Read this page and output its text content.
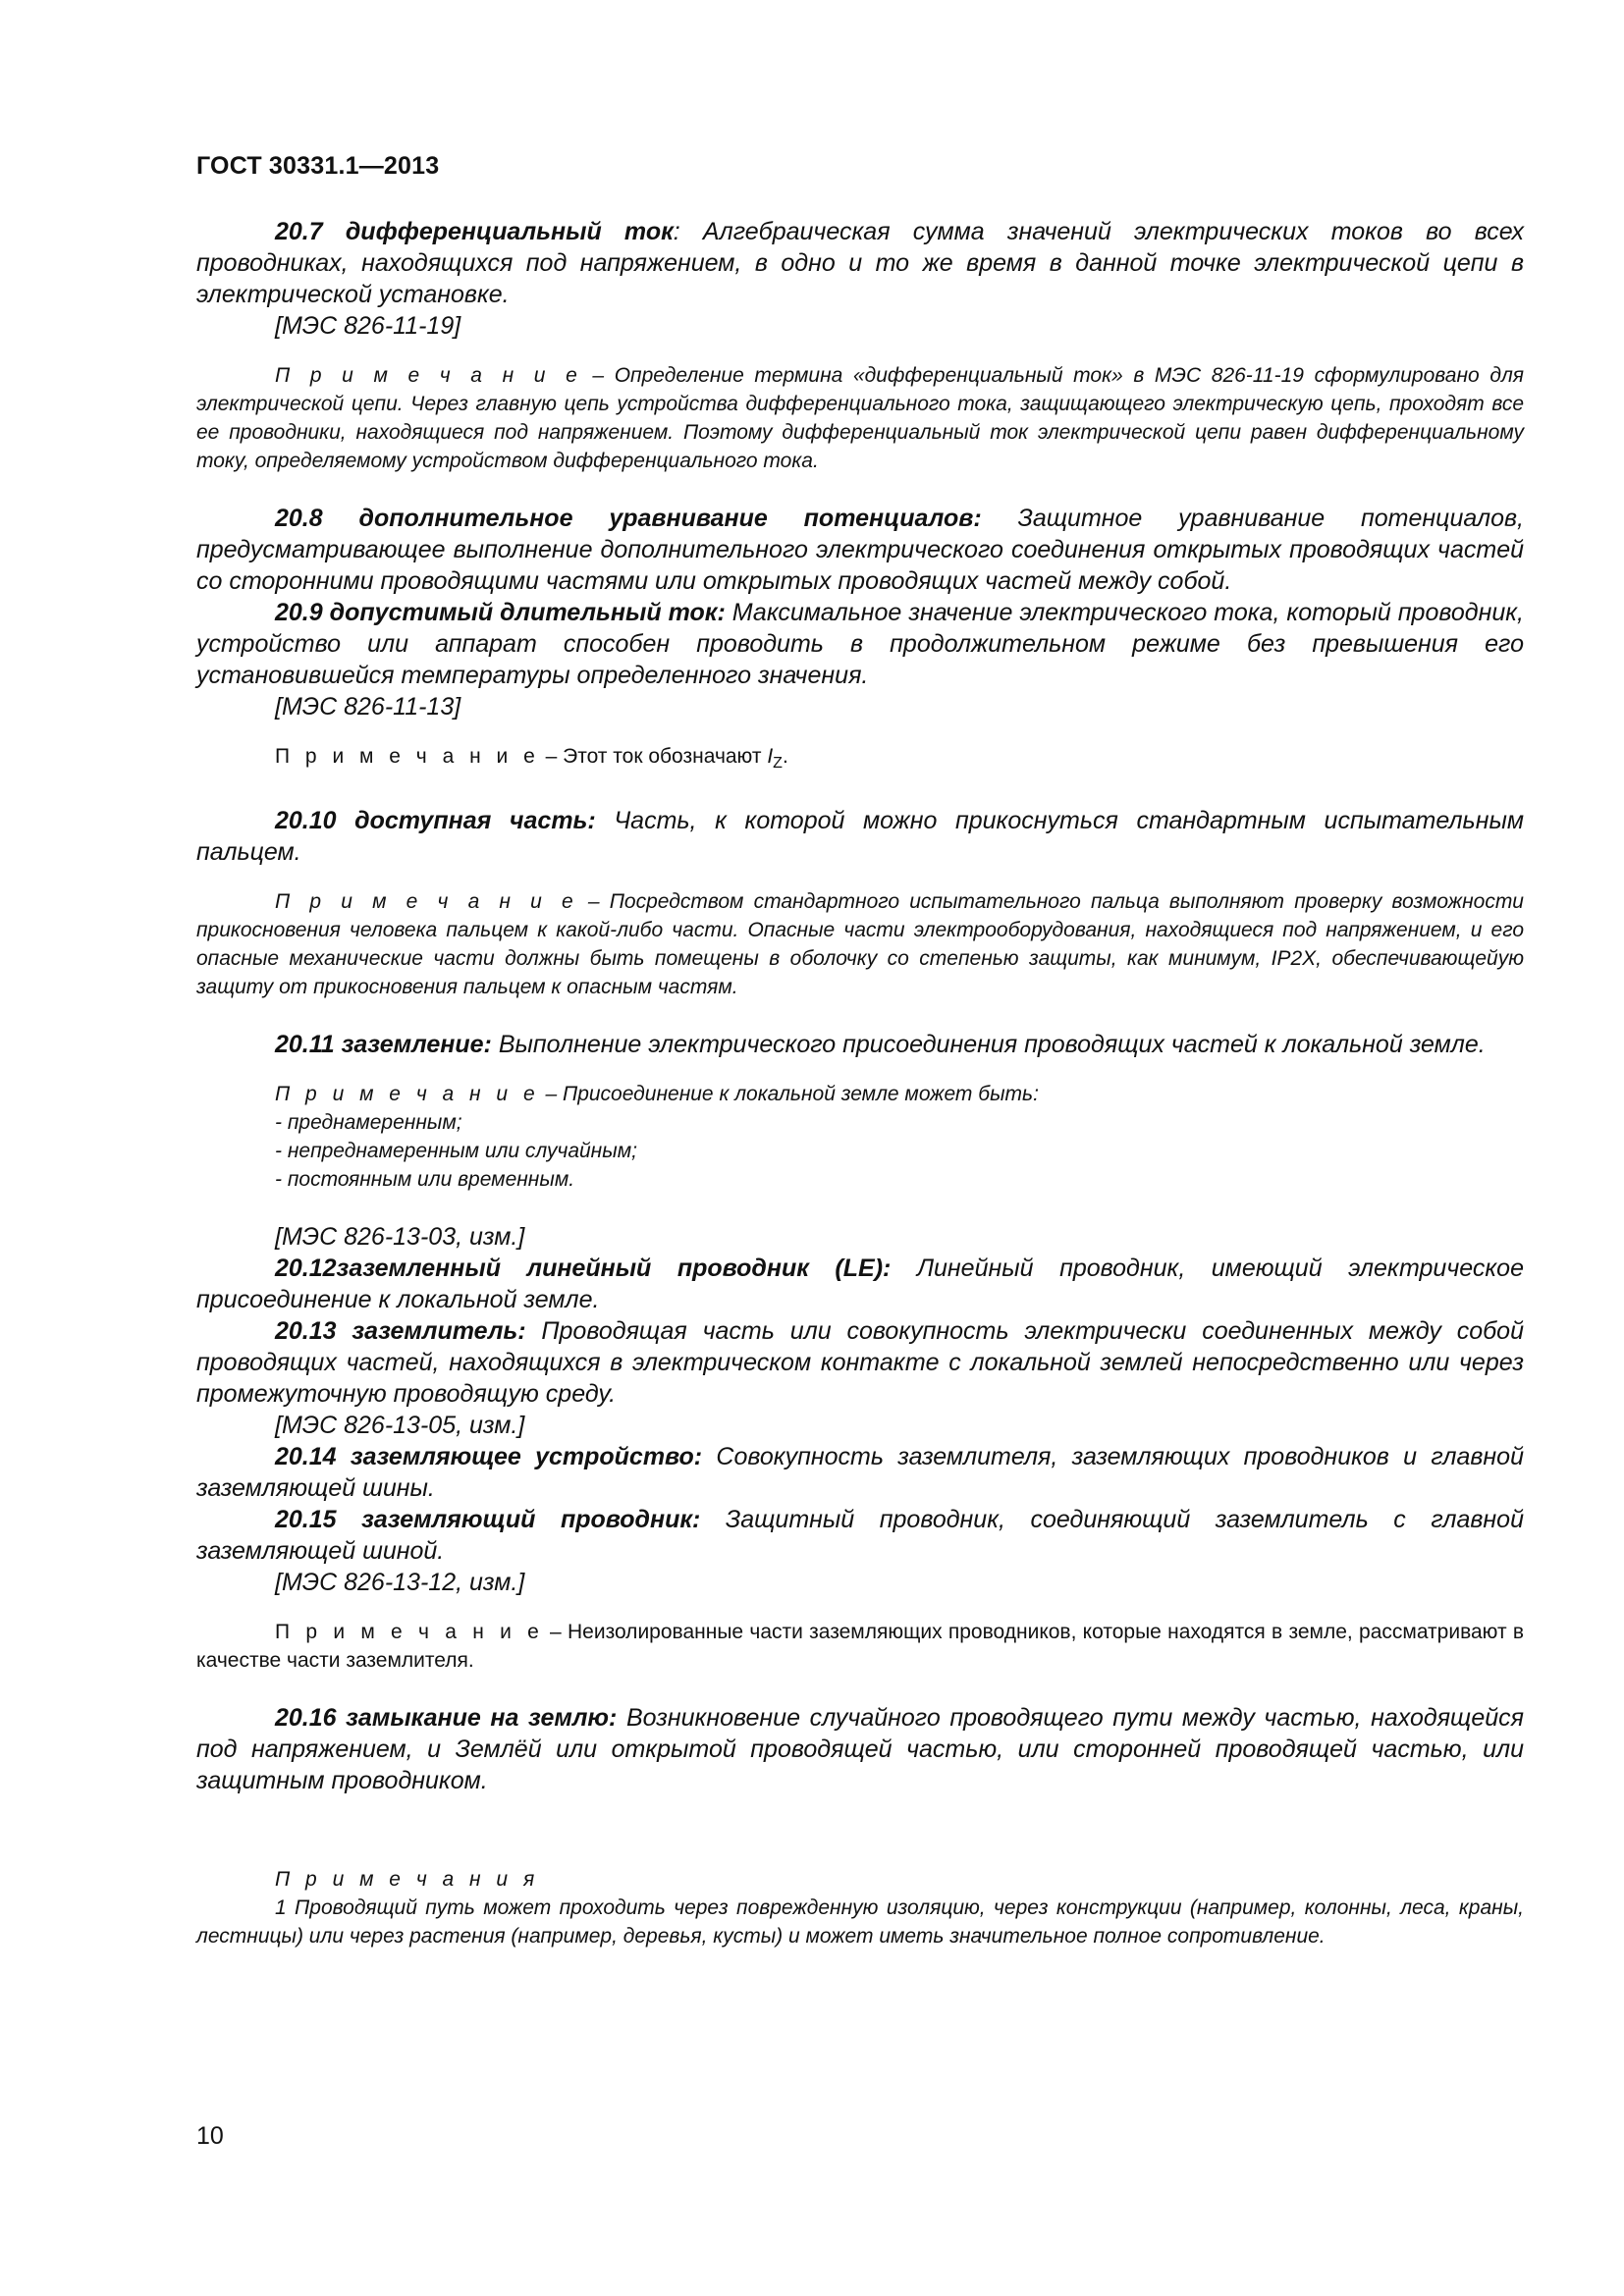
ГОСТ 30331.1—2013

20.7 дифференциальный ток: Алгебраическая сумма значений электрических токов во всех проводниках, находящихся под напряжением, в одно и то же время в данной точке электрической цепи в электрической установке.

[МЭС 826-11-19]

П р и м е ч а н и е – Определение термина «дифференциальный ток» в МЭС 826-11-19 сформулировано для электрической цепи. Через главную цепь устройства дифференциального тока, защищающего электрическую цепь, проходят все ее проводники, находящиеся под напряжением. Поэтому дифференциальный ток электрической цепи равен дифференциальному току, определяемому устройством дифференциального тока.

20.8 дополнительное уравнивание потенциалов: Защитное уравнивание потенциалов, предусматривающее выполнение дополнительного электрического соединения открытых проводящих частей со сторонними проводящими частями или открытых проводящих частей между собой.

20.9 допустимый длительный ток: Максимальное значение электрического тока, который проводник, устройство или аппарат способен проводить в продолжительном режиме без превышения его установившейся температуры определенного значения.

[МЭС 826-11-13]

П р и м е ч а н и е – Этот ток обозначают $I_Z$.

20.10 доступная часть: Часть, к которой можно прикоснуться стандартным испытательным пальцем.

П р и м е ч а н и е – Посредством стандартного испытательного пальца выполняют проверку возможности прикосновения человека пальцем к какой-либо части. Опасные части электрооборудования, находящиеся под напряжением, и его опасные механические части должны быть помещены в оболочку со степенью защиты, как минимум, IP2X, обеспечивающейую защиту от прикосновения пальцем к опасным частям.

20.11 заземление: Выполнение электрического присоединения проводящих частей к локальной земле.

П р и м е ч а н и е – Присоединение к локальной земле может быть:

- преднамеренным;
- непреднамеренным или случайным;
- постоянным или временным.

[МЭС 826-13-03, изм.]

20.12заземленный линейный проводник (LE): Линейный проводник, имеющий электрическое присоединение к локальной земле.

20.13 заземлитель: Проводящая часть или совокупность электрически соединенных между собой проводящих частей, находящихся в электрическом контакте с локальной землей непосредственно или через промежуточную проводящую среду.

[МЭС 826-13-05, изм.]

20.14 заземляющее устройство: Совокупность заземлителя, заземляющих проводников и главной заземляющей шины.

20.15 заземляющий проводник: Защитный проводник, соединяющий заземлитель с главной заземляющей шиной.

[МЭС 826-13-12, изм.]

П р и м е ч а н и е – Неизолированные части заземляющих проводников, которые находятся в земле, рассматривают в качестве части заземлителя.

20.16 замыкание на землю: Возникновение случайного проводящего пути между частью, находящейся под напряжением, и Землёй или открытой проводящей частью, или сторонней проводящей частью, или защитным проводником.

П р и м е ч а н и я

1 Проводящий путь может проходить через поврежденную изоляцию, через конструкции (например, колонны, леса, краны, лестницы) или через растения (например, деревья, кусты) и может иметь значительное полное сопротивление.

10
